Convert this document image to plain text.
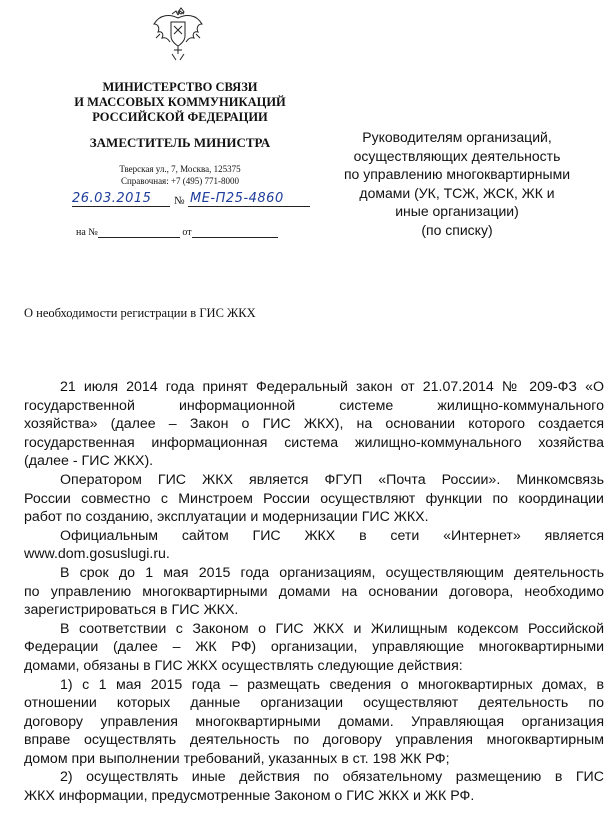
МИНИСТЕРСТВО СВЯЗИ
И МАССОВЫХ КОММУНИКАЦИЙ
РОССИЙСКОЙ ФЕДЕРАЦИИ
ЗАМЕСТИТЕЛЬ МИНИСТРА
Тверская ул., 7, Москва, 125375
Справочная: +7 (495) 771-8000
26.03.2015 № МЕ-П25-4860
на №	от
Руководителям организаций,
осуществляющих деятельность
по управлению многоквартирными
домами (УК, ТСЖ, ЖСК, ЖК и
иные организации)
(по списку)
О необходимости регистрации в ГИС ЖКХ
21 июля 2014 года принят Федеральный закон от 21.07.2014 № 209-ФЗ «О
государственной информационной системе жилищно-коммунального
хозяйства» (далее – Закон о ГИС ЖКХ), на основании которого создается
государственная информационная система жилищно-коммунального хозяйства
(далее - ГИС ЖКХ).
Оператором ГИС ЖКХ является ФГУП «Почта России». Минкомсвязь
России совместно с Минстроем России осуществляют функции по координации
работ по созданию, эксплуатации и модернизации ГИС ЖКХ.
Официальным сайтом ГИС ЖКХ в сети «Интернет» является
www.dom.gosuslugi.ru.
В срок до 1 мая 2015 года организациям, осуществляющим деятельность
по управлению многоквартирными домами на основании договора, необходимо
зарегистрироваться в ГИС ЖКХ.
В соответствии с Законом о ГИС ЖКХ и Жилищным кодексом Российской
Федерации (далее – ЖК РФ) организации, управляющие многоквартирными
домами, обязаны в ГИС ЖКХ осуществлять следующие действия:
1) с 1 мая 2015 года – размещать сведения о многоквартирных домах, в
отношении которых данные организации осуществляют деятельность по
договору управления многоквартирными домами. Управляющая организация
вправе осуществлять деятельность по договору управления многоквартирным
домом при выполнении требований, указанных в ст. 198 ЖК РФ;
2) осуществлять иные действия по обязательному размещению в ГИС
ЖКХ информации, предусмотренные Законом о ГИС ЖКХ и ЖК РФ.
